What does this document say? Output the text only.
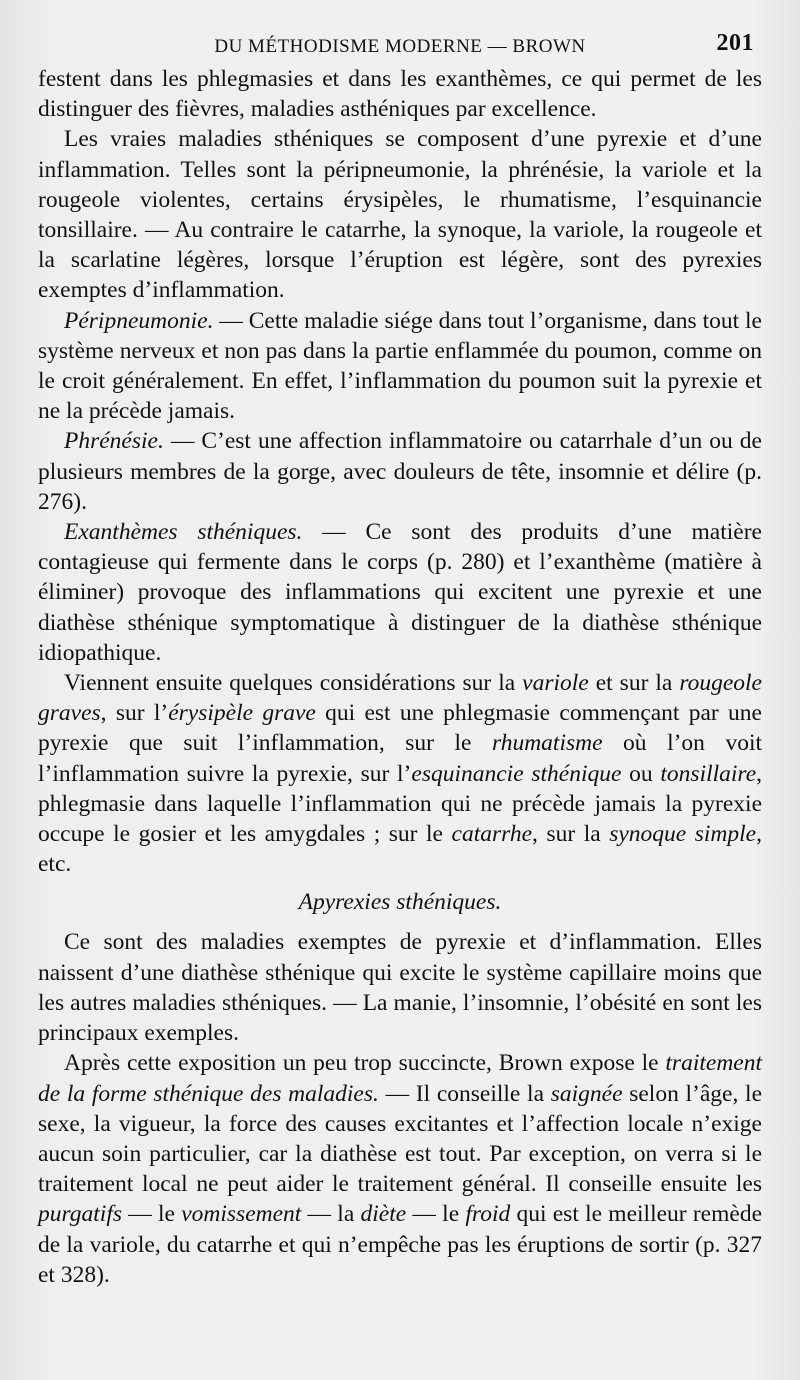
DU MÉTHODISME MODERNE — BROWN	201

festent dans les phlegmasies et dans les exanthèmes, ce qui permet de les distinguer des fièvres, maladies asthéniques par excellence.

Les vraies maladies sthéniques se composent d’une pyrexie et d’une inflammation. Telles sont la péripneumonie, la phrénésie, la variole et la rougeole violentes, certains érysipèles, le rhumatisme, l’esquinancie tonsillaire. — Au contraire le catarrhe, la synoque, la variole, la rougeole et la scarlatine légères, lorsque l’éruption est légère, sont des pyrexies exemptes d’inflammation.

Péripneumonie. — Cette maladie siége dans tout l’organisme, dans tout le système nerveux et non pas dans la partie enflammée du poumon, comme on le croit généralement. En effet, l’inflammation du poumon suit la pyrexie et ne la précède jamais.

Phrénésie. — C’est une affection inflammatoire ou catarrhale d’un ou de plusieurs membres de la gorge, avec douleurs de tête, insomnie et délire (p. 276).

Exanthèmes sthéniques. — Ce sont des produits d’une matière contagieuse qui fermente dans le corps (p. 280) et l’exanthème (matière à éliminer) provoque des inflammations qui excitent une pyrexie et une diathèse sthénique symptomatique à distinguer de la diathèse sthénique idiopathique.

Viennent ensuite quelques considérations sur la variole et sur la rougeole graves, sur l’érysipèle grave qui est une phlegmasie commençant par une pyrexie que suit l’inflammation, sur le rhumatisme où l’on voit l’inflammation suivre la pyrexie, sur l’esquinancie sthénique ou tonsillaire, phlegmasie dans laquelle l’inflammation qui ne précède jamais la pyrexie occupe le gosier et les amygdales ; sur le catarrhe, sur la synoque simple, etc.

Apyrexies sthéniques.

Ce sont des maladies exemptes de pyrexie et d’inflammation. Elles naissent d’une diathèse sthénique qui excite le système capillaire moins que les autres maladies sthéniques. — La manie, l’insomnie, l’obésité en sont les principaux exemples.

Après cette exposition un peu trop succincte, Brown expose le traitement de la forme sthénique des maladies. — Il conseille la saignée selon l’âge, le sexe, la vigueur, la force des causes excitantes et l’affection locale n’exige aucun soin particulier, car la diathèse est tout. Par exception, on verra si le traitement local ne peut aider le traitement général. Il conseille ensuite les purgatifs — le vomissement — la diète — le froid qui est le meilleur remède de la variole, du catarrhe et qui n’empêche pas les éruptions de sortir (p. 327 et 328).
